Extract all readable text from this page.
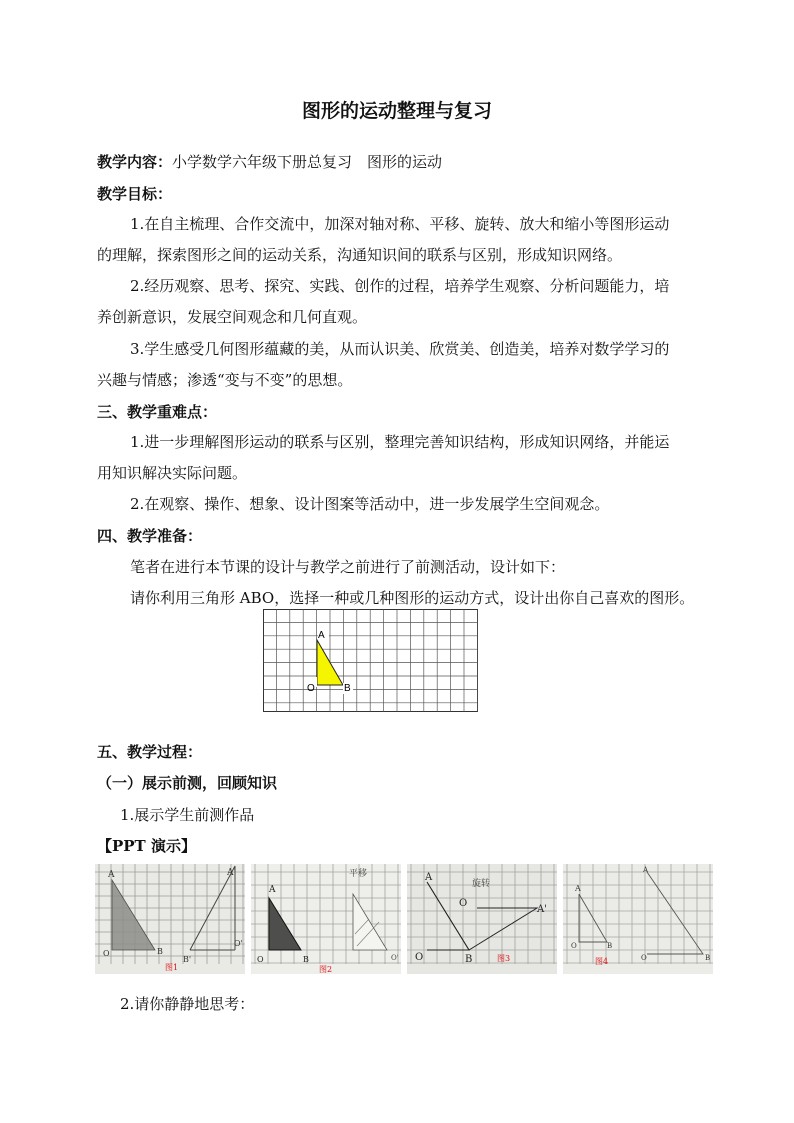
图形的运动整理与复习
教学内容：小学数学六年级下册总复习　图形的运动
教学目标：
1.在自主梳理、合作交流中，加深对轴对称、平移、旋转、放大和缩小等图形运动
的理解，探索图形之间的运动关系，沟通知识间的联系与区别，形成知识网络。
2.经历观察、思考、探究、实践、创作的过程，培养学生观察、分析问题能力，培
养创新意识，发展空间观念和几何直观。
3.学生感受几何图形蕴藏的美，从而认识美、欣赏美、创造美，培养对数学学习的
兴趣与情感；渗透“变与不变”的思想。
三、教学重难点：
1.进一步理解图形运动的联系与区别，整理完善知识结构，形成知识网络，并能运
用知识解决实际问题。
2.在观察、操作、想象、设计图案等活动中，进一步发展学生空间观念。
四、教学准备：
笔者在进行本节课的设计与教学之前进行了前测活动，设计如下：
请你利用三角形 ABO，选择一种或几种图形的运动方式，设计出你自己喜欢的图形。
A
O	B
五、教学过程：
（一）展示前测，回顾知识
1.展示学生前测作品
【PPT 演示】
A	A'
O	B
B'
O'
图1
A
O	B	O'
平移
图2
A
A'
O
O	B
旋转
图3
A
O	B
O	B
A
图4
2.请你静静地思考：
